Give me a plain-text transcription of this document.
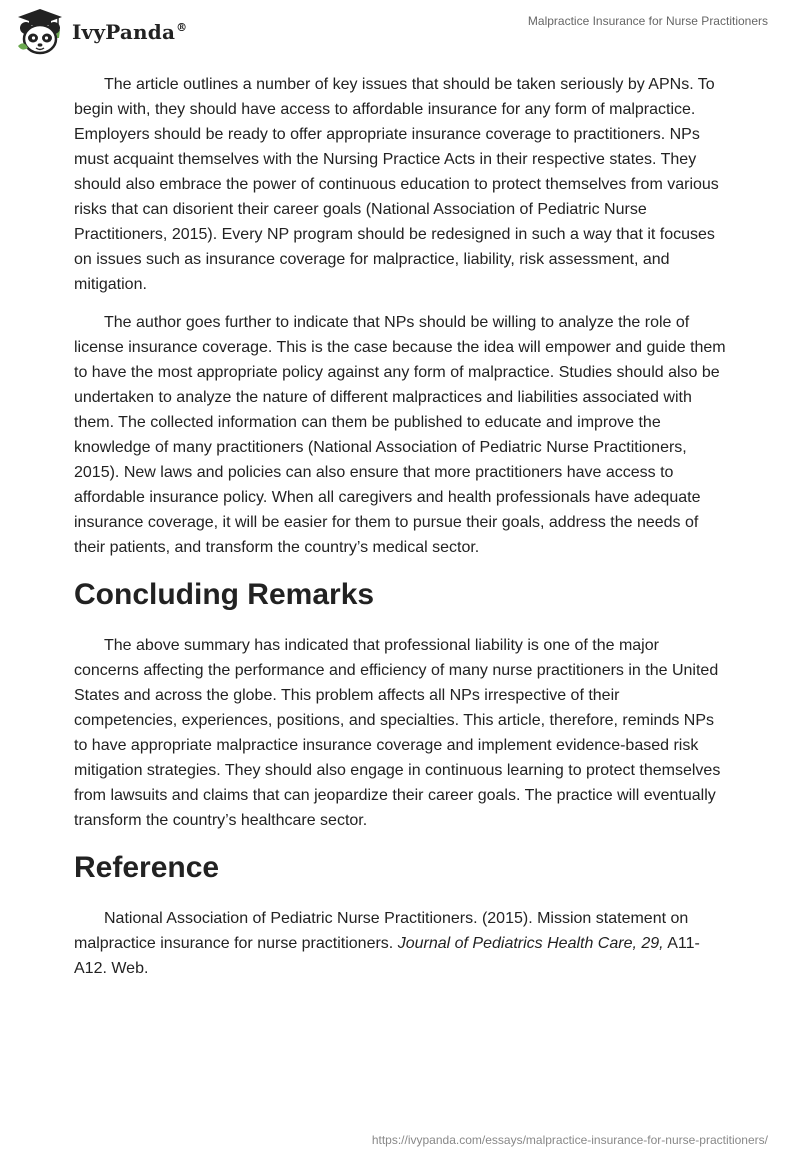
IvyPanda®	Malpractice Insurance for Nurse Practitioners

The article outlines a number of key issues that should be taken seriously by APNs. To begin with, they should have access to affordable insurance for any form of malpractice. Employers should be ready to offer appropriate insurance coverage to practitioners. NPs must acquaint themselves with the Nursing Practice Acts in their respective states. They should also embrace the power of continuous education to protect themselves from various risks that can disorient their career goals (National Association of Pediatric Nurse Practitioners, 2015). Every NP program should be redesigned in such a way that it focuses on issues such as insurance coverage for malpractice, liability, risk assessment, and mitigation.

The author goes further to indicate that NPs should be willing to analyze the role of license insurance coverage. This is the case because the idea will empower and guide them to have the most appropriate policy against any form of malpractice. Studies should also be undertaken to analyze the nature of different malpractices and liabilities associated with them. The collected information can them be published to educate and improve the knowledge of many practitioners (National Association of Pediatric Nurse Practitioners, 2015). New laws and policies can also ensure that more practitioners have access to affordable insurance policy. When all caregivers and health professionals have adequate insurance coverage, it will be easier for them to pursue their goals, address the needs of their patients, and transform the country’s medical sector.

Concluding Remarks

The above summary has indicated that professional liability is one of the major concerns affecting the performance and efficiency of many nurse practitioners in the United States and across the globe. This problem affects all NPs irrespective of their competencies, experiences, positions, and specialties. This article, therefore, reminds NPs to have appropriate malpractice insurance coverage and implement evidence-based risk mitigation strategies. They should also engage in continuous learning to protect themselves from lawsuits and claims that can jeopardize their career goals. The practice will eventually transform the country’s healthcare sector.

Reference

National Association of Pediatric Nurse Practitioners. (2015). Mission statement on malpractice insurance for nurse practitioners. Journal of Pediatrics Health Care, 29, A11-A12. Web.

https://ivypanda.com/essays/malpractice-insurance-for-nurse-practitioners/
